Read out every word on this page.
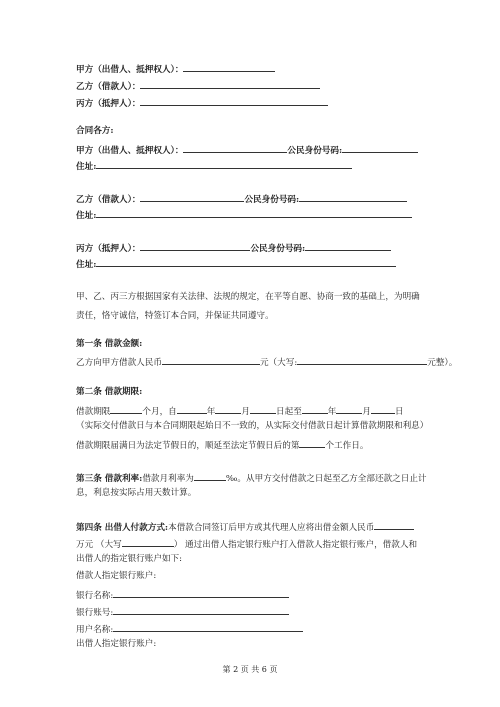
甲方（出借人、抵押权人）：
乙方（借款人）：
丙方（抵押人）：
合同各方:
甲方（出借人、抵押权人）：	公民身份号码:
住址:
乙方（借款人）：	公民身份号码:
住址:
丙方（抵押人）：	公民身份号码:
住址:
甲、乙、丙三方根据国家有关法律、法规的规定，在平等自愿、协商一致的基础上，为明确责任，恪守诚信，特签订本合同，并保证共同遵守。
第一条 借款金额:
乙方向甲方借款人民币	元（大写:	元整）。
第二条 借款期限:
借款期限	个月，自	年	月	日起至	年	月	日
（实际交付借款日与本合同期限起始日不一致的，从实际交付借款日起计算借款期限和利息）
借款期限届满日为法定节假日的，顺延至法定节假日后的第	个工作日。
第三条 借款利率:借款月利率为	‰。从甲方交付借款之日起至乙方全部还款之日止计
息，利息按实际占用天数计算。
第四条 出借人付款方式:本借款合同签订后甲方或其代理人应将出借金额人民币
万元 （大写	） 通过出借人指定银行账户打入借款人指定银行账户，借款人和
出借人的指定银行账户如下:
借款人指定银行账户:
银行名称:
银行账号:
用户名称:
出借人指定银行账户:
第 2 页 共 6 页
